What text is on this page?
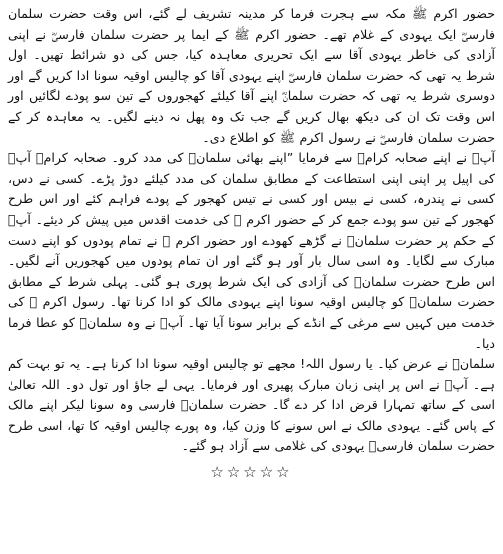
حضور اکرم ﷺ مکہ سے ہجرت فرما کر مدینہ تشریف لے گئے، اس وقت حضرت سلمان فارسیؓ ایک یہودی کے غلام تھے۔ حضور اکرم ﷺ کے ایما پر حضرت سلمان فارسیؓ نے اپنی آزادی کی خاطر یہودی آقا سے ایک تحریری معاہدہ کیا، جس کی دو شرائط تھیں۔ اول شرط یہ تھی کہ حضرت سلمان فارسیؓ اپنے یہودی آقا کو چالیس اوقیہ سونا ادا کریں گے اور دوسری شرط یہ تھی کہ حضرت سلمانؓ اپنے آقا کیلئے کھجوروں کے تین سو پودے لگائیں اور اس وقت تک ان کی دیکھ بھال کریں گے جب تک وہ پھل نہ دینے لگیں۔ یہ معاہدہ کر کے حضرت سلمان فارسیؓ نے رسول اکرم ﷺ کو اطلاع دی۔

آپؐ نے اپنے صحابہ کرامؓ سے فرمایا ”اپنے بھائی سلمانؓ کی مدد کرو۔ صحابہ کرامؓ آپؐ کی اپیل پر اپنی اپنی استطاعت کے مطابق سلمان کی مدد کیلئے دوڑ پڑے۔ کسی نے دس، کسی نے پندرہ، کسی نے بیس اور کسی نے تیس کھجور کے پودے فراہم کئے اور اس طرح کھجور کے تین سو پودے جمع کر کے حضور اکرم ﷺ کی خدمت اقدس میں پیش کر دیئے۔ آپؐ کے حکم پر حضرت سلمانؓ نے گڑھے کھودے اور حضور اکرم ﷺ نے تمام پودوں کو اپنے دست مبارک سے لگایا۔ وہ اسی سال بار آور ہو گئے اور ان تمام پودوں میں کھجوریں آنے لگیں۔ اس طرح حضرت سلمانؓ کی آزادی کی ایک شرط پوری ہو گئی۔ پہلی شرط کے مطابق حضرت سلمانؓ کو چالیس اوقیہ سونا اپنے یہودی مالک کو ادا کرنا تھا۔ رسول اکرم ﷺ کی خدمت میں کہیں سے مرغی کے انڈے کے برابر سونا آیا تھا۔ آپؐ نے وہ سلمانؓ کو عطا فرما دیا۔

سلمانؓ نے عرض کیا۔ یا رسول اللہ! مجھے تو چالیس اوقیہ سونا ادا کرنا ہے۔ یہ تو بہت کم ہے۔ آپؐ نے اس پر اپنی زبان مبارک پھیری اور فرمایا۔ یہی لے جاؤ اور تول دو۔ اللہ تعالیٰ اسی کے ساتھ تمہارا قرض ادا کر دے گا۔ حضرت سلمانؓ فارسی وہ سونا لیکر اپنے مالک کے پاس گئے۔ یہودی مالک نے اس سونے کا وزن کیا، وہ پورے چالیس اوقیہ کا تھا، اسی طرح حضرت سلمان فارسیؓ یہودی کی غلامی سے آزاد ہو گئے۔

☆☆☆☆☆
